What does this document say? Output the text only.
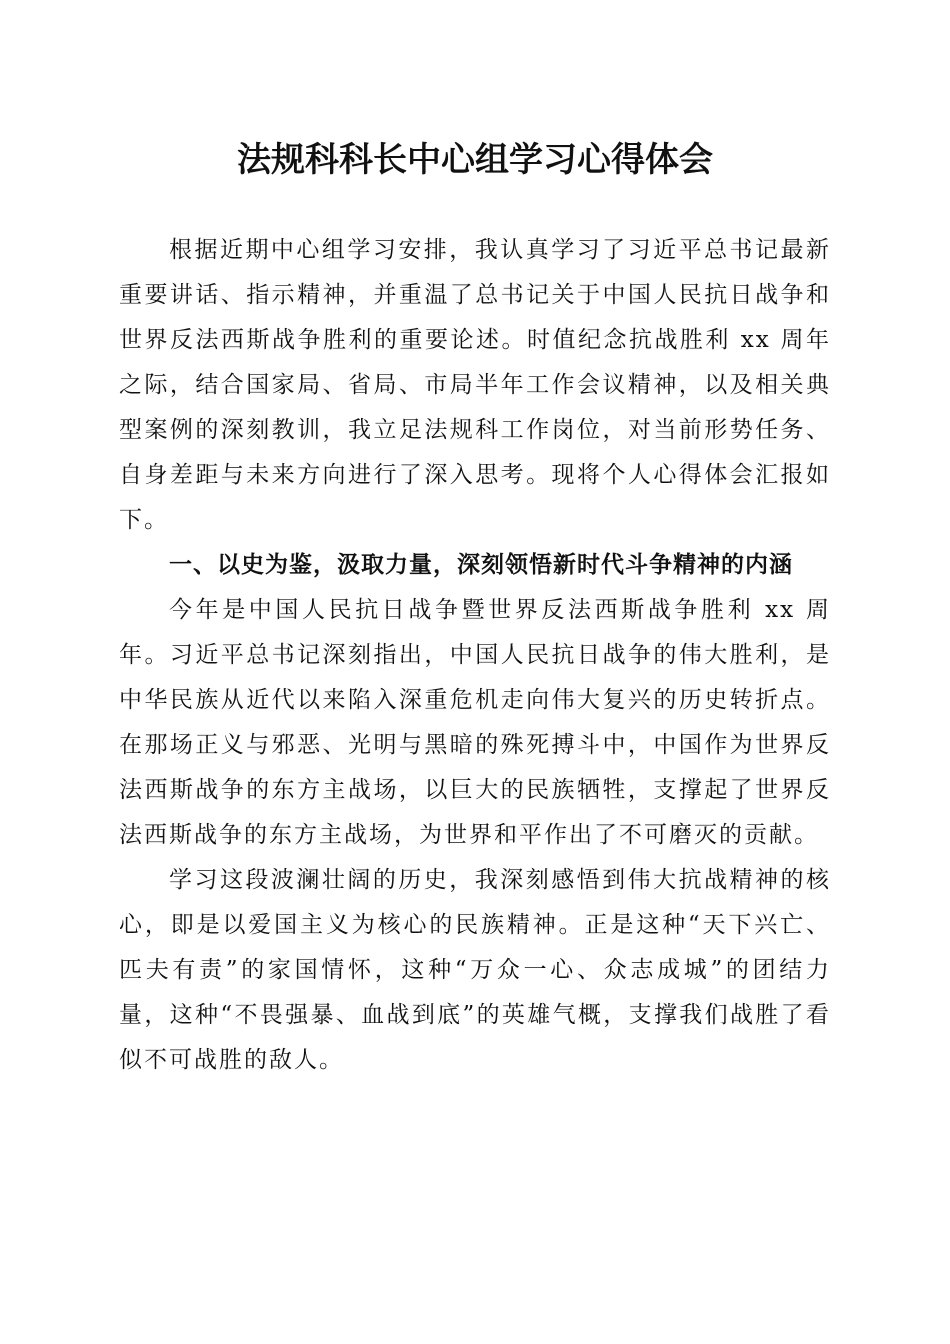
法规科科长中心组学习心得体会

根据近期中心组学习安排，我认真学习了习近平总书记最新重要讲话、指示精神，并重温了总书记关于中国人民抗日战争和世界反法西斯战争胜利的重要论述。时值纪念抗战胜利 xx 周年之际，结合国家局、省局、市局半年工作会议精神，以及相关典型案例的深刻教训，我立足法规科工作岗位，对当前形势任务、自身差距与未来方向进行了深入思考。现将个人心得体会汇报如下。

一、以史为鉴，汲取力量，深刻领悟新时代斗争精神的内涵

今年是中国人民抗日战争暨世界反法西斯战争胜利 xx 周年。习近平总书记深刻指出，中国人民抗日战争的伟大胜利，是中华民族从近代以来陷入深重危机走向伟大复兴的历史转折点。在那场正义与邪恶、光明与黑暗的殊死搏斗中，中国作为世界反法西斯战争的东方主战场，以巨大的民族牺牲，支撑起了世界反法西斯战争的东方主战场，为世界和平作出了不可磨灭的贡献。

学习这段波澜壮阔的历史，我深刻感悟到伟大抗战精神的核心，即是以爱国主义为核心的民族精神。正是这种“天下兴亡、匹夫有责”的家国情怀，这种“万众一心、众志成城”的团结力量，这种“不畏强暴、血战到底”的英雄气概，支撑我们战胜了看似不可战胜的敌人。
